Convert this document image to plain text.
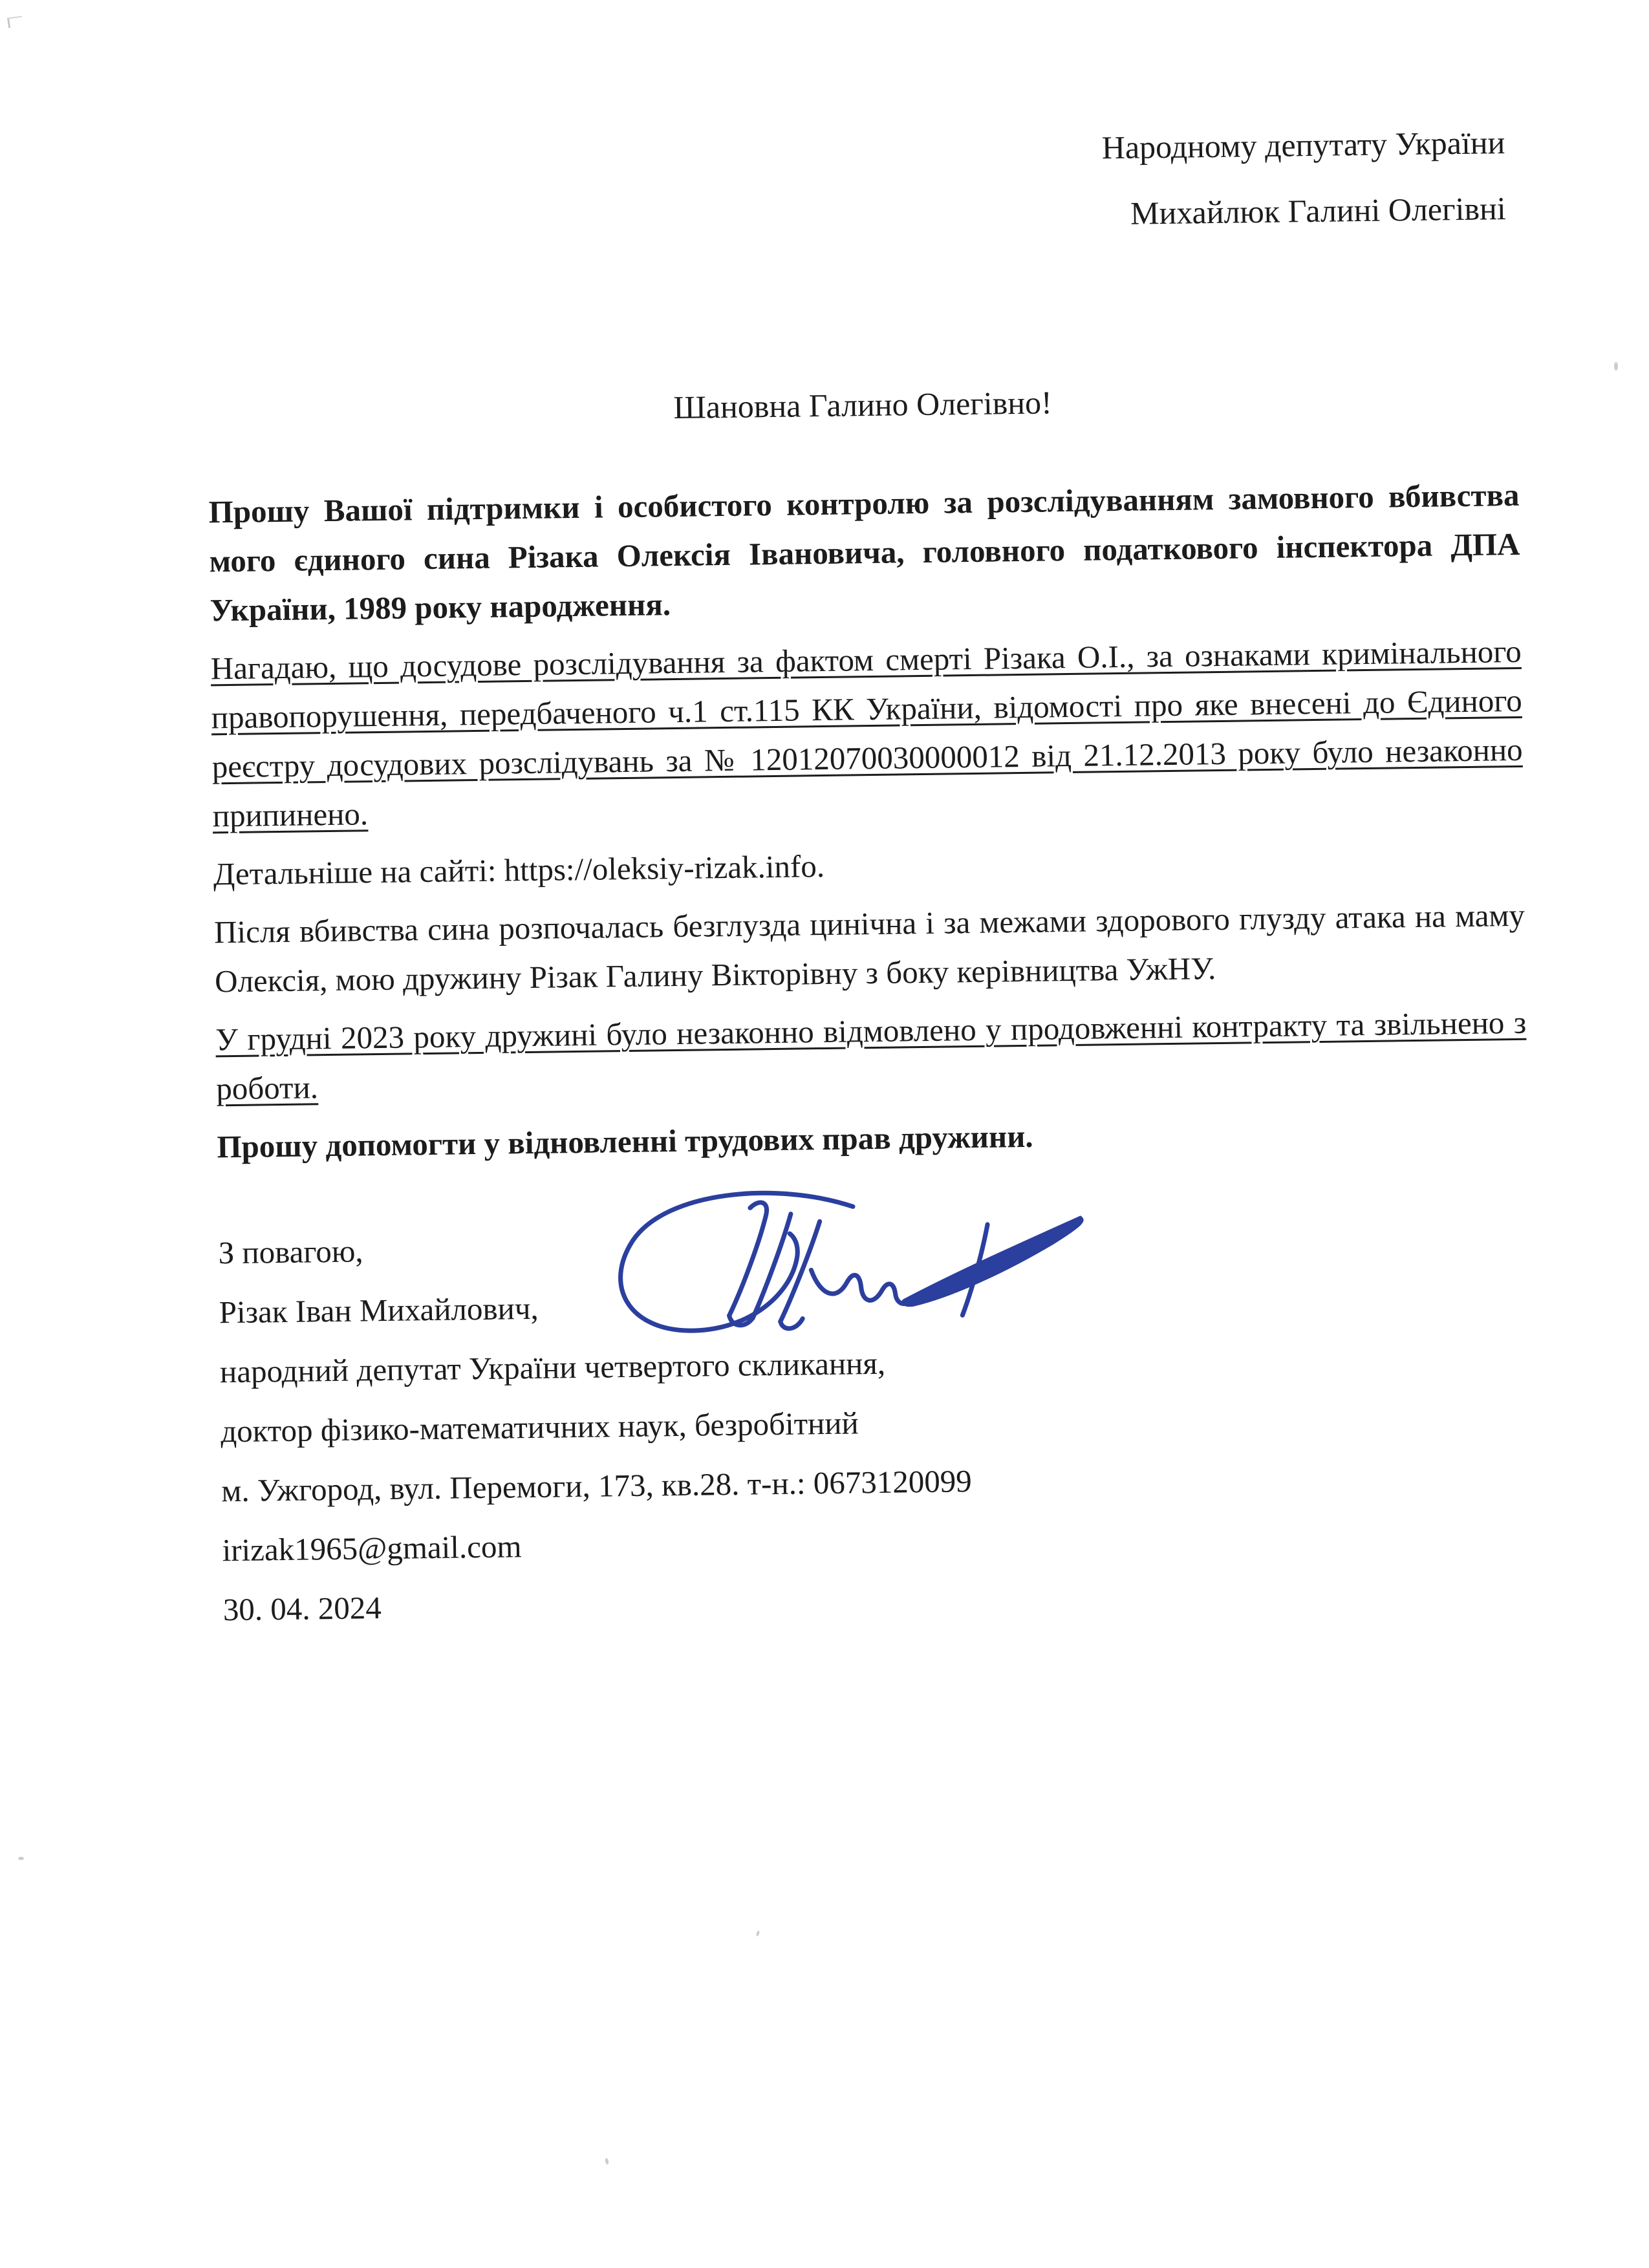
Народному депутату України
Михайлюк Галині Олегівні
Шановна Галино Олегівно!

Прошу Вашої підтримки і особистого контролю за розслідуванням замовного вбивства мого єдиного сина Різака Олексія Івановича, головного податкового інспектора ДПА України, 1989 року народження.

Нагадаю, що досудове розслідування за фактом смерті Різака О.І., за ознаками кримінального правопорушення, передбаченого ч.1 ст.115 КК України, відомості про яке внесені до Єдиного реєстру досудових розслідувань за № 12012070030000012 від 21.12.2013 року було незаконно припинено.

Детальніше на сайті: https://oleksiy-rizak.info.

Після вбивства сина розпочалась безглузда цинічна і за межами здорового глузду атака на маму Олексія, мою дружину Різак Галину Вікторівну з боку керівництва УжНУ.

У грудні 2023 року дружині було незаконно відмовлено у продовженні контракту та звільнено з роботи.

Прошу допомогти у відновленні трудових прав дружини.

З повагою,
Різак Іван Михайлович,
народний депутат України четвертого скликання,
доктор фізико-математичних наук, безробітний
м. Ужгород, вул. Перемоги, 173, кв.28. т-н.: 0673120099
irizak1965@gmail.com
30. 04. 2024
